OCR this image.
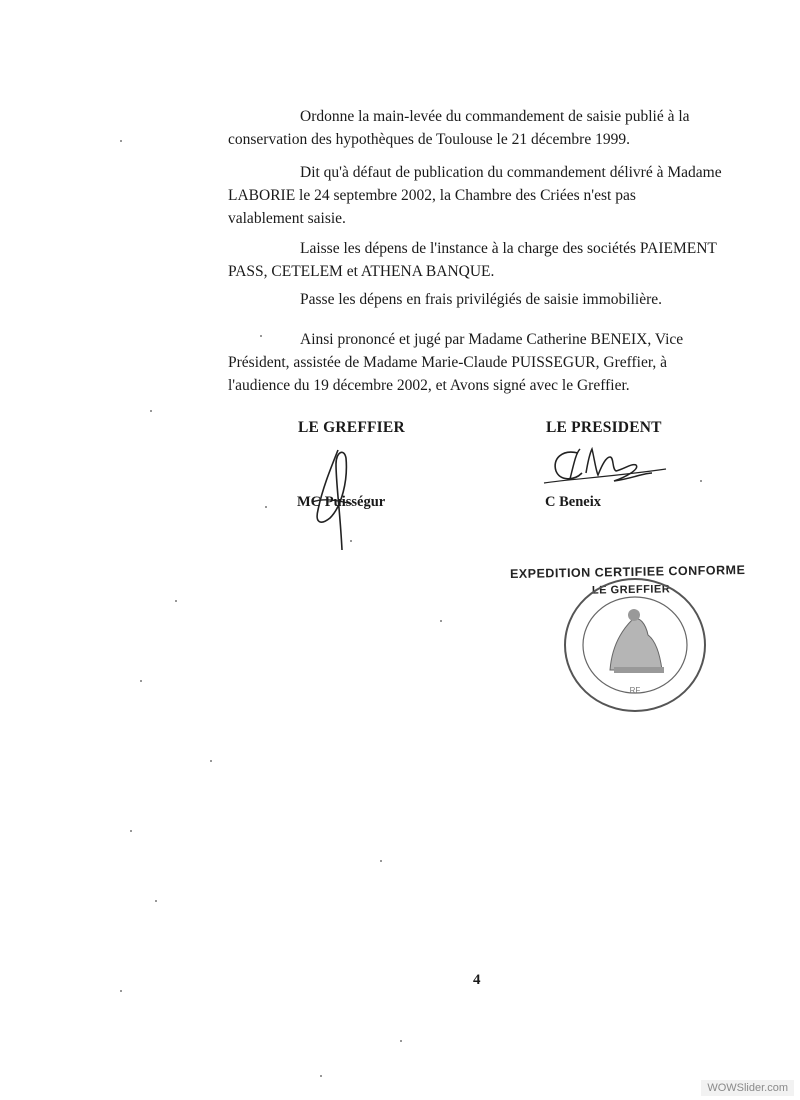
Ordonne la main-levée du commandement de saisie publié à la
conservation des hypothèques de Toulouse le 21 décembre 1999.
Dit qu'à défaut de publication du commandement délivré à Madame
LABORIE le 24 septembre 2002, la Chambre des Criées n'est pas
valablement saisie.
Laisse les dépens de l'instance à la charge des sociétés PAIEMENT
PASS, CETELEM et ATHENA BANQUE.
Passe les dépens en frais privilégiés de saisie immobilière.
Ainsi prononcé et jugé par Madame Catherine BENEIX, Vice
Président, assistée de Madame Marie-Claude PUISSEGUR, Greffier, à
l'audience du 19 décembre 2002, et Avons signé avec le Greffier.
LE GREFFIER	LE PRESIDENT
MC Puisségur	C Beneix
EXPEDITION CERTIFIEE CONFORME
LE GREFFIER
RF
4
WOWSlider.com
